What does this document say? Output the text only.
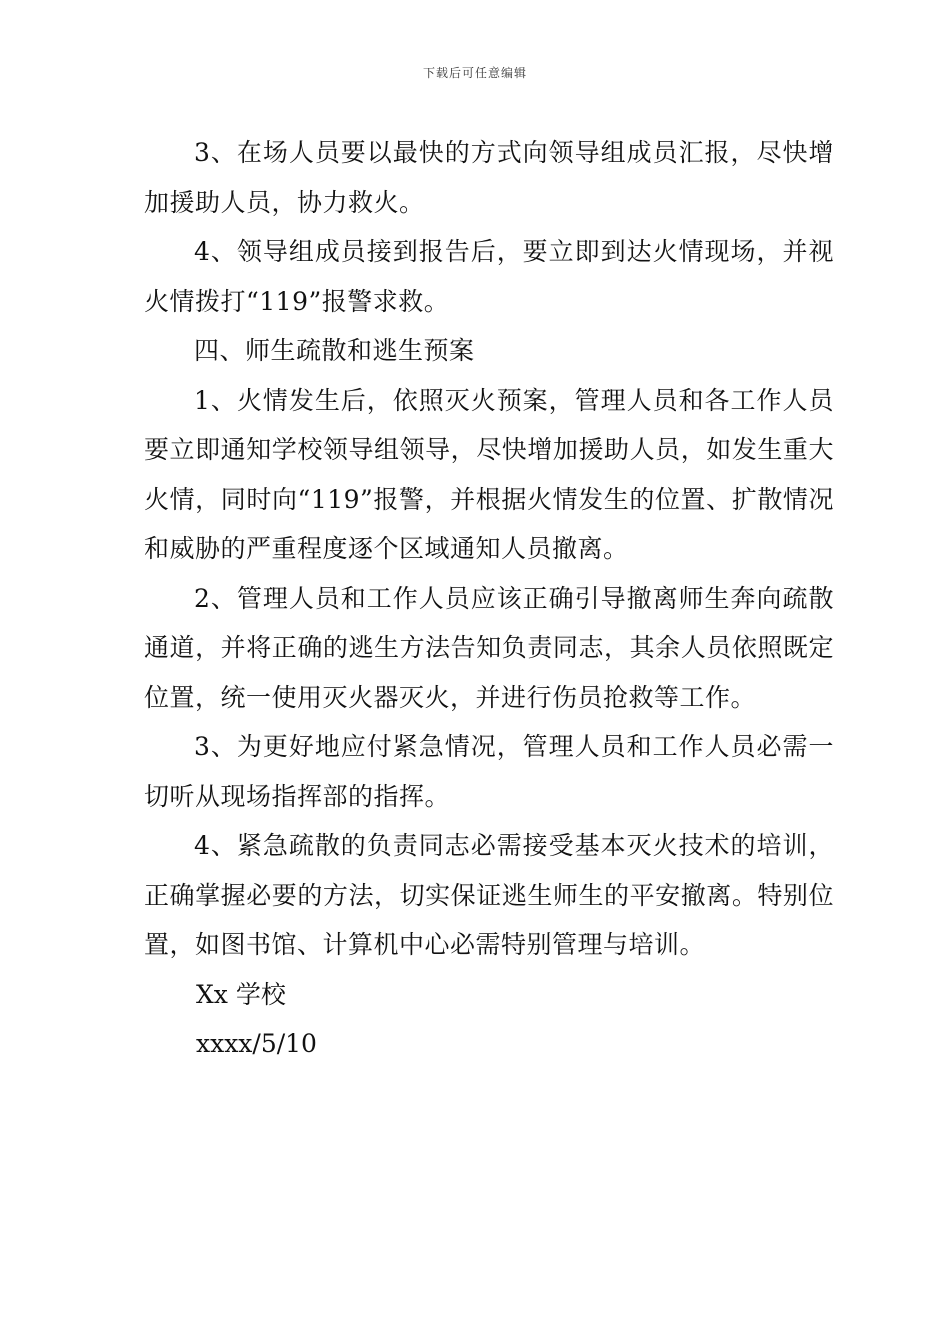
下载后可任意编辑

3、在场人员要以最快的方式向领导组成员汇报，尽快增加援助人员，协力救火。

4、领导组成员接到报告后，要立即到达火情现场，并视火情拨打“119”报警求救。

四、师生疏散和逃生预案

1、火情发生后，依照灭火预案，管理人员和各工作人员要立即通知学校领导组领导，尽快增加援助人员，如发生重大火情，同时向“119”报警，并根据火情发生的位置、扩散情况和威胁的严重程度逐个区域通知人员撤离。

2、管理人员和工作人员应该正确引导撤离师生奔向疏散通道，并将正确的逃生方法告知负责同志，其余人员依照既定位置，统一使用灭火器灭火，并进行伤员抢救等工作。

3、为更好地应付紧急情况，管理人员和工作人员必需一切听从现场指挥部的指挥。

4、紧急疏散的负责同志必需接受基本灭火技术的培训，正确掌握必要的方法，切实保证逃生师生的平安撤离。特别位置，如图书馆、计算机中心必需特别管理与培训。

Xx 学校

xxxx/5/10
